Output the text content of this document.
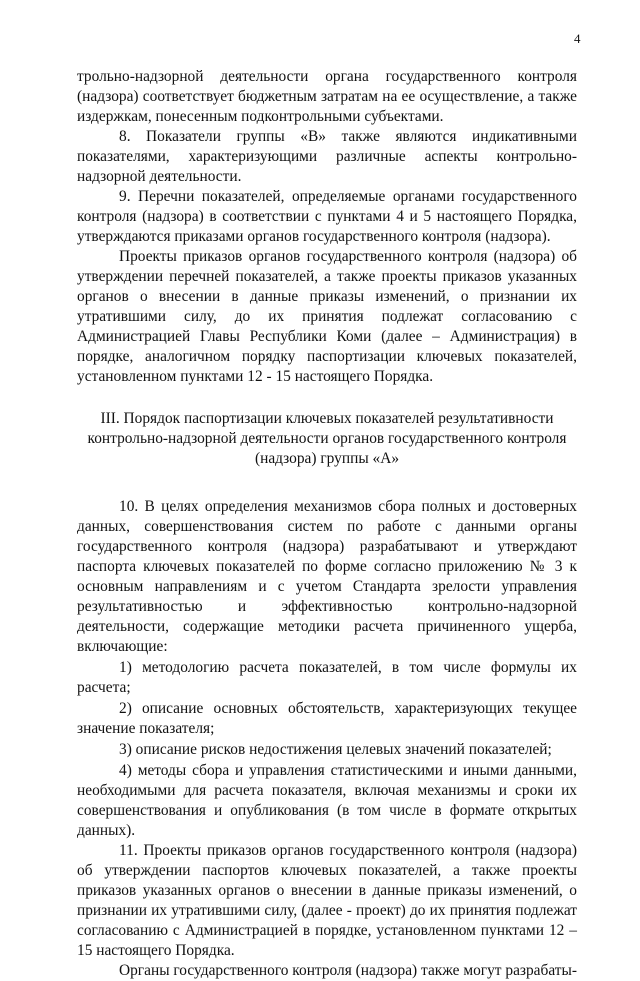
4

трольно-надзорной деятельности органа государственного контроля (надзора) соответствует бюджетным затратам на ее осуществление, а также издержкам, понесенным подконтрольными субъектами.

8. Показатели группы «В» также являются индикативными показателями, характеризующими различные аспекты контрольно-надзорной деятельности.

9. Перечни показателей, определяемые органами государственного контроля (надзора) в соответствии с пунктами 4 и 5 настоящего Порядка, утверждаются приказами органов государственного контроля (надзора).

Проекты приказов органов государственного контроля (надзора) об утверждении перечней показателей, а также проекты приказов указанных органов о внесении в данные приказы изменений, о признании их утратившими силу, до их принятия подлежат согласованию с Администрацией Главы Республики Коми (далее – Администрация) в порядке, аналогичном порядку паспортизации ключевых показателей, установленном пунктами 12 - 15 настоящего Порядка.

III. Порядок паспортизации ключевых показателей результативности контрольно-надзорной деятельности органов государственного контроля (надзора) группы «А»

10. В целях определения механизмов сбора полных и достоверных данных, совершенствования систем по работе с данными органы государственного контроля (надзора) разрабатывают и утверждают паспорта ключевых показателей по форме согласно приложению № 3 к основным направлениям и с учетом Стандарта зрелости управления результативностью и эффективностью контрольно-надзорной деятельности, содержащие методики расчета причиненного ущерба, включающие:

1) методологию расчета показателей, в том числе формулы их расчета;

2) описание основных обстоятельств, характеризующих текущее значение показателя;

3) описание рисков недостижения целевых значений показателей;

4) методы сбора и управления статистическими и иными данными, необходимыми для расчета показателя, включая механизмы и сроки их совершенствования и опубликования (в том числе в формате открытых данных).

11. Проекты приказов органов государственного контроля (надзора) об утверждении паспортов ключевых показателей, а также проекты приказов указанных органов о внесении в данные приказы изменений, о признании их утратившими силу, (далее - проект) до их принятия подлежат согласованию с Администрацией в порядке, установленном пунктами 12 – 15 настоящего Порядка.

Органы государственного контроля (надзора) также могут разрабаты-
